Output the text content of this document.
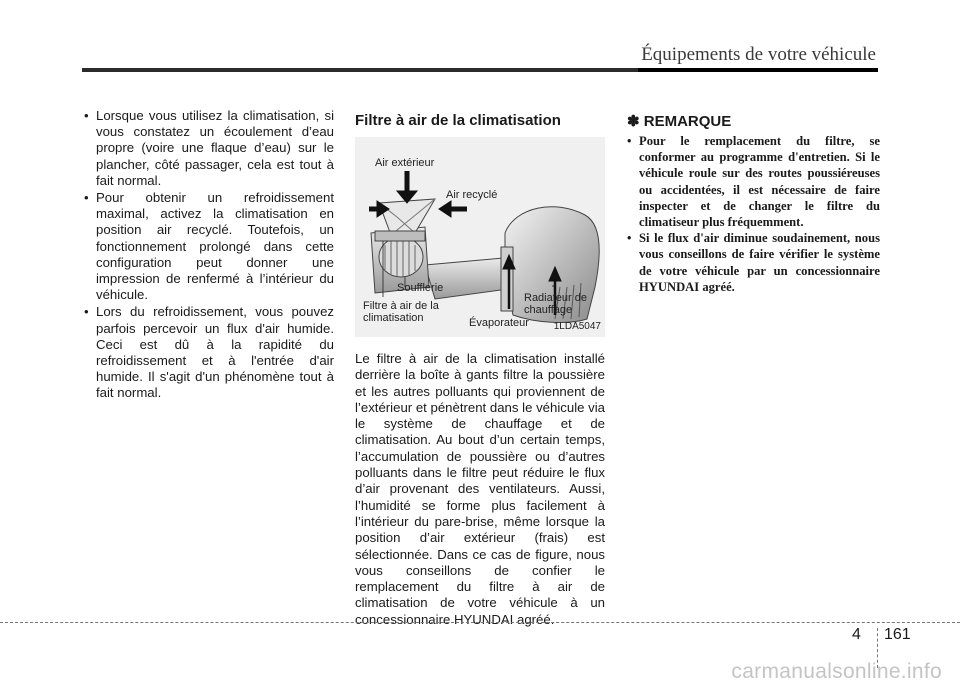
Équipements de votre véhicule
• Lorsque vous utilisez la climatisation, si vous constatez un écoulement d’eau propre (voire une flaque d’eau) sur le plancher, côté passager, cela est tout à fait normal.
• Pour obtenir un refroidissement maximal, activez la climatisation en position air recyclé. Toutefois, un fonctionnement prolongé dans cette configuration peut donner une impression de renfermé à l’intérieur du véhicule.
• Lors du refroidissement, vous pouvez parfois percevoir un flux d'air humide. Ceci est dû à la rapidité du refroidissement et à l'entrée d'air humide. Il s'agit d'un phénomène tout à fait normal.
Filtre à air de la climatisation
Air extérieur
Air recyclé
Soufflerie
Filtre à air de la climatisation	Évaporateur
Radiateur de chauffage
1LDA5047

Le filtre à air de la climatisation installé derrière la boîte à gants filtre la poussière et les autres polluants qui proviennent de l’extérieur et pénètrent dans le véhicule via le système de chauffage et de climatisation. Au bout d’un certain temps, l’accumulation de poussière ou d’autres polluants dans le filtre peut réduire le flux d’air provenant des ventilateurs. Aussi, l’humidité se forme plus facilement à l’intérieur du pare-brise, même lorsque la position d’air extérieur (frais) est sélectionnée. Dans ce cas de figure, nous vous conseillons de confier le remplacement du filtre à air de climatisation de votre véhicule à un concessionnaire HYUNDAI agréé.

✽ REMARQUE
• Pour le remplacement du filtre, se conformer au programme d'entretien. Si le véhicule roule sur des routes poussiéreuses ou accidentées, il est nécessaire de faire inspecter et de changer le filtre du climatiseur plus fréquemment.
• Si le flux d'air diminue soudainement, nous vous conseillons de faire vérifier le système de votre véhicule par un concessionnaire HYUNDAI agréé.
4 161
carmanualsonline.info
